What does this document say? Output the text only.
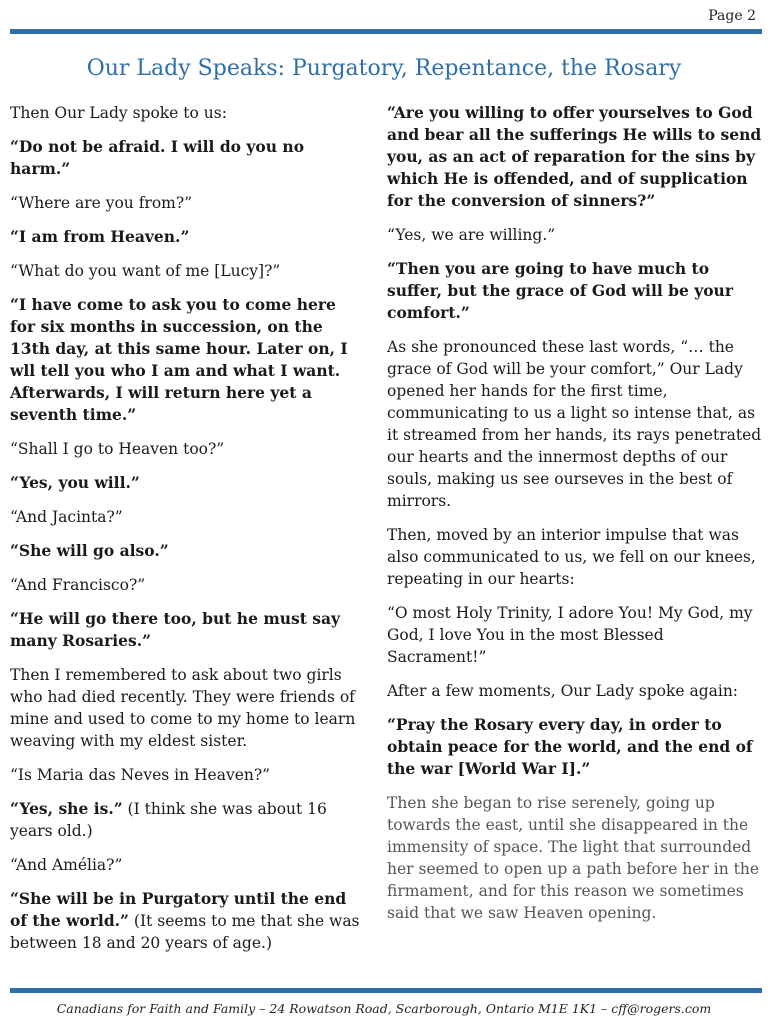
Page 2
Our Lady Speaks: Purgatory, Repentance, the Rosary

Then Our Lady spoke to us:

“Do not be afraid. I will do you no harm.”

“Where are you from?”

“I am from Heaven.”

“What do you want of me [Lucy]?”

“I have come to ask you to come here for six months in succession, on the 13th day, at this same hour. Later on, I wll tell you who I am and what I want. Afterwards, I will return here yet a seventh time.”

“Shall I go to Heaven too?”

“Yes, you will.”

“And Jacinta?”

“She will go also.”

“And Francisco?”

“He will go there too, but he must say many Rosaries.”

Then I remembered to ask about two girls who had died recently. They were friends of mine and used to come to my home to learn weaving with my eldest sister.

“Is Maria das Neves in Heaven?”

“Yes, she is.” (I think she was about 16 years old.)

“And Amélia?”

“She will be in Purgatory until the end of the world.” (It seems to me that she was between 18 and 20 years of age.)

“Are you willing to offer yourselves to God and bear all the sufferings He wills to send you, as an act of reparation for the sins by which He is offended, and of supplication for the conversion of sinners?”

“Yes, we are willing.”

“Then you are going to have much to suffer, but the grace of God will be your comfort.”

As she pronounced these last words, “… the grace of God will be your comfort,” Our Lady opened her hands for the first time, communicating to us a light so intense that, as it streamed from her hands, its rays penetrated our hearts and the innermost depths of our souls, making us see ourseves in the best of mirrors.

Then, moved by an interior impulse that was also communicated to us, we fell on our knees, repeating in our hearts:

“O most Holy Trinity, I adore You! My God, my God, I love You in the most Blessed Sacrament!”

After a few moments, Our Lady spoke again:

“Pray the Rosary every day, in order to obtain peace for the world, and the end of the war [World War I].”

Then she began to rise serenely, going up towards the east, until she disappeared in the immensity of space. The light that surrounded her seemed to open up a path before her in the firmament, and for this reason we sometimes said that we saw Heaven opening.

Canadians for Faith and Family – 24 Rowatson Road, Scarborough, Ontario M1E 1K1 – cff@rogers.com
